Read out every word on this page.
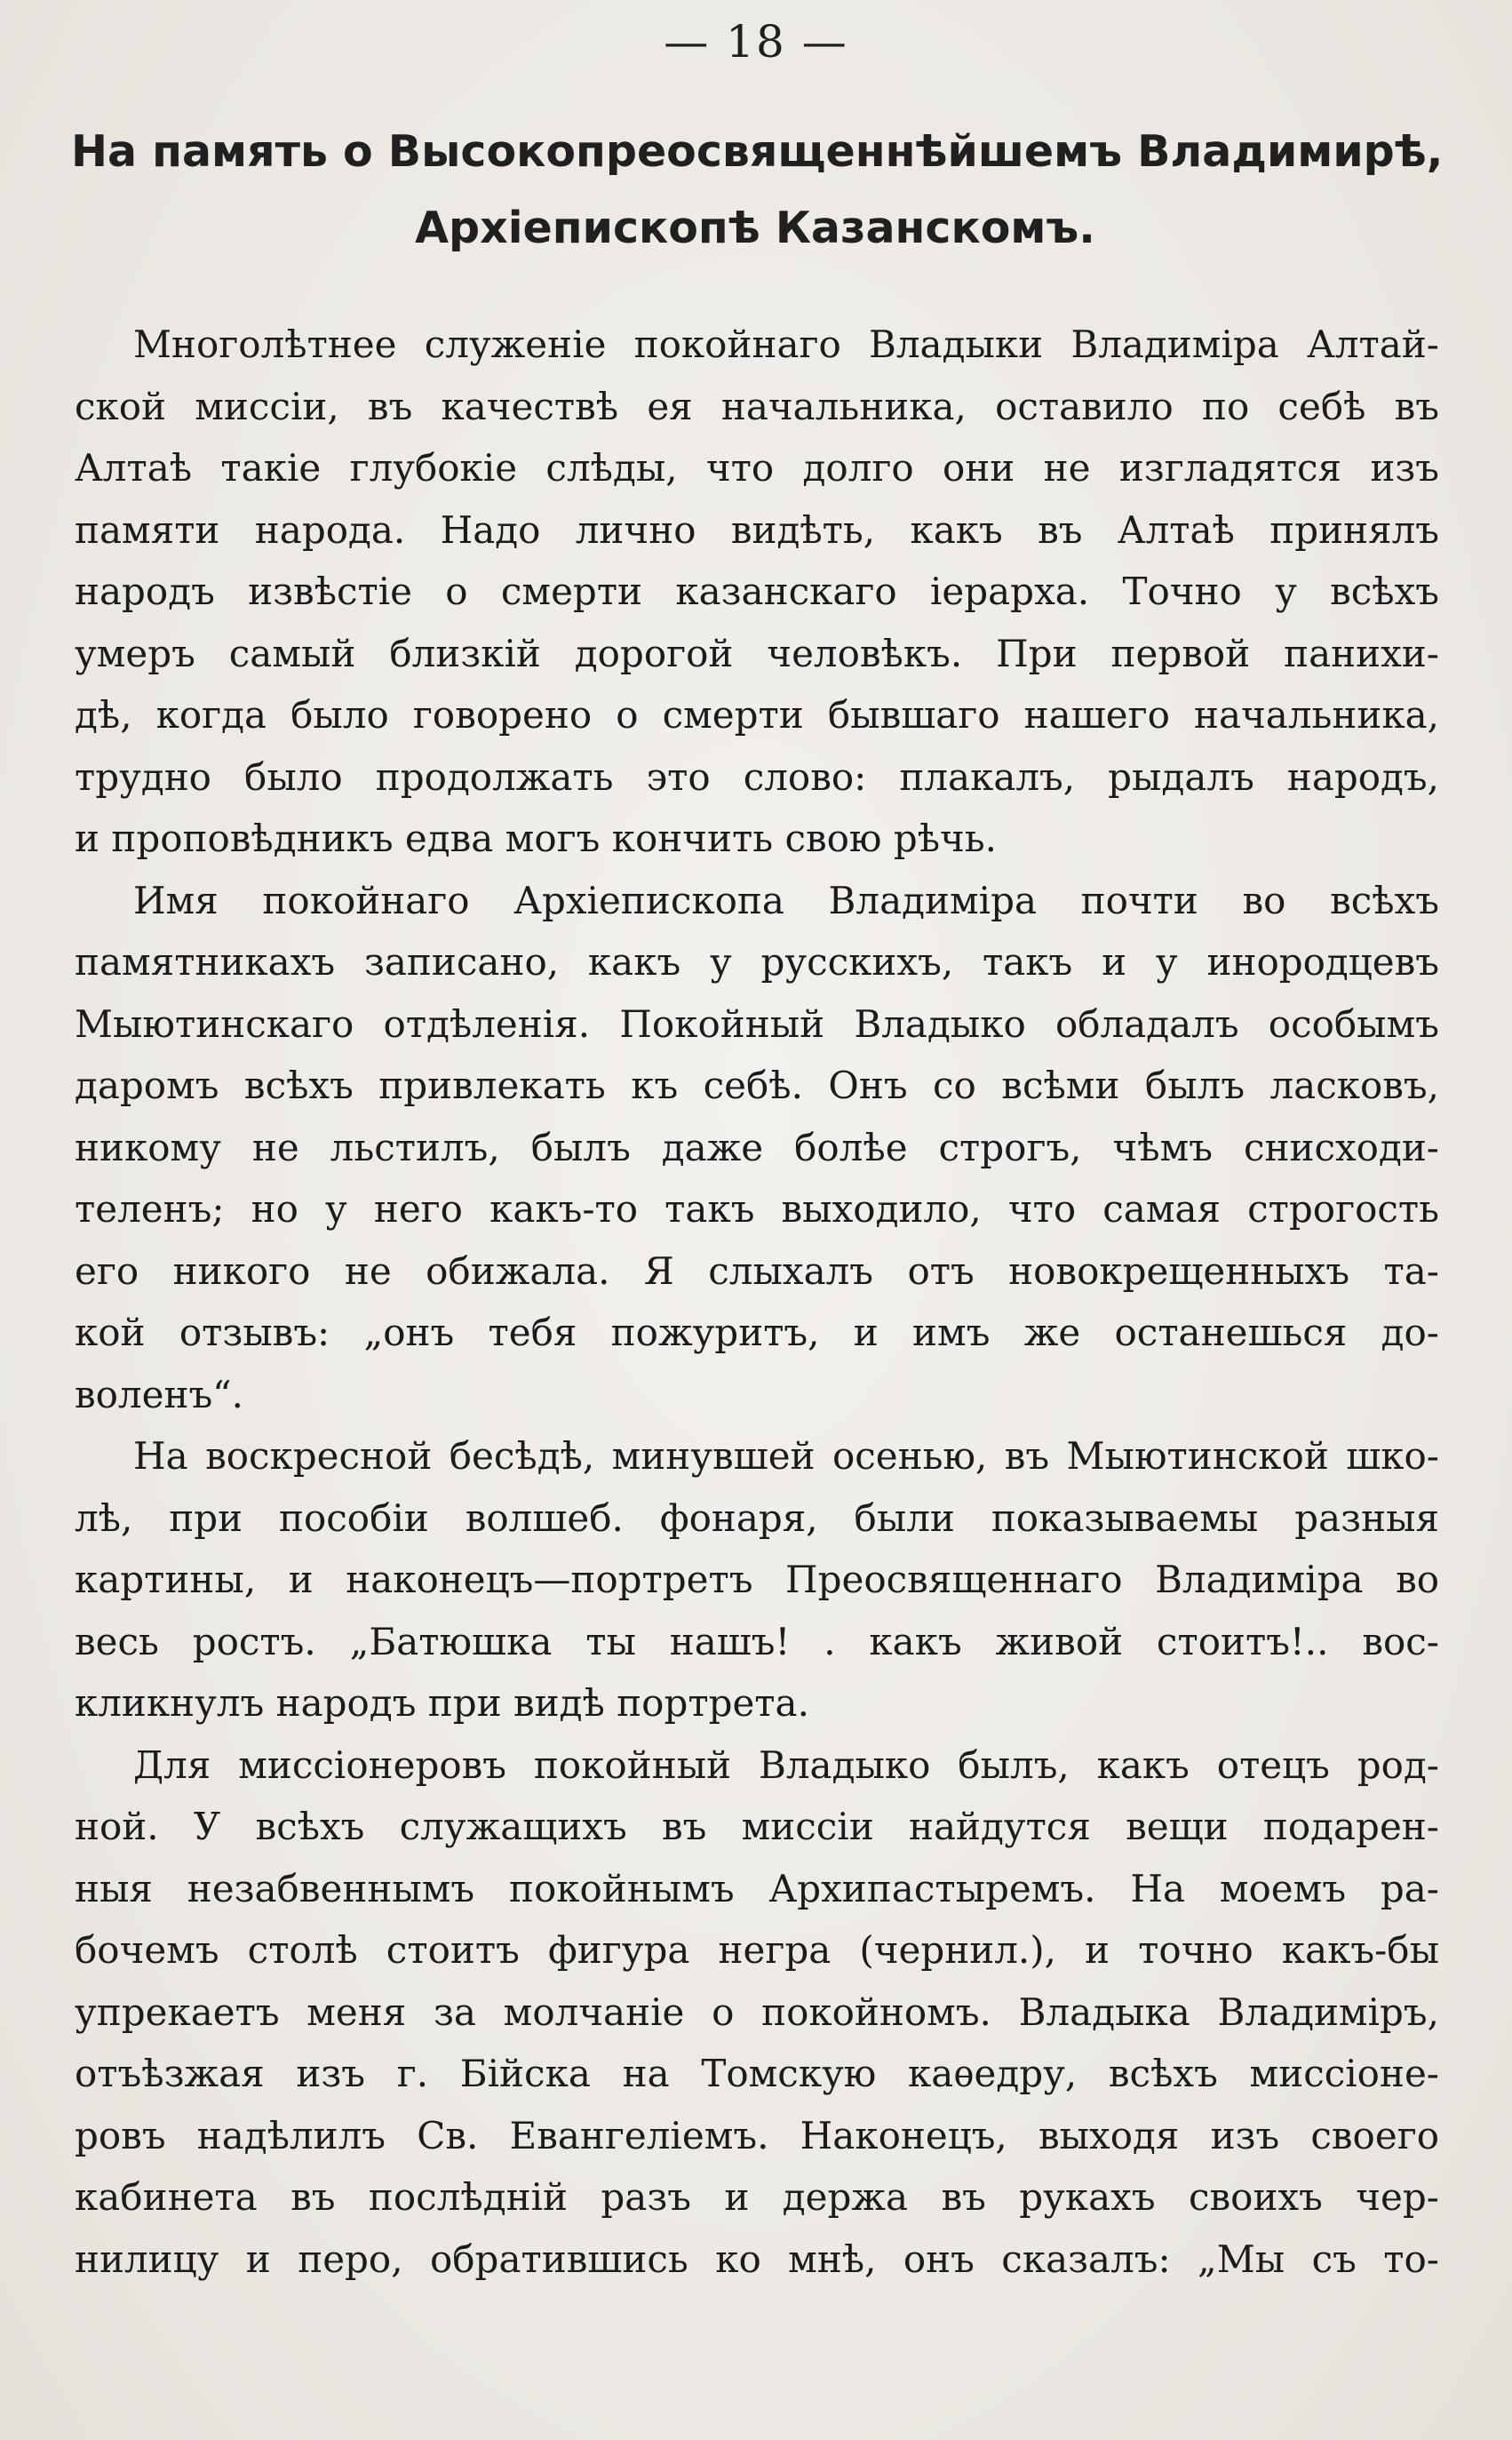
— 18 —
На память о Высокопреосвященнѣйшемъ Владимирѣ,
Архіепископѣ Казанскомъ.
Многолѣтнее служеніе покойнаго Владыки Владиміра Алтай-
ской миссіи, въ качествѣ ея начальника, оставило по себѣ въ
Алтаѣ такіе глубокіе слѣды, что долго они не изгладятся изъ
памяти народа. Надо лично видѣть, какъ въ Алтаѣ принялъ
народъ извѣстіе о смерти казанскаго іерарха. Точно у всѣхъ
умеръ самый близкій дорогой человѣкъ. При первой панихи-
дѣ, когда было говорено о смерти бывшаго нашего начальника,
трудно было продолжать это слово: плакалъ, рыдалъ народъ,
и проповѣдникъ едва могъ кончить свою рѣчь.
Имя покойнаго Архіепископа Владиміра почти во всѣхъ
памятникахъ записано, какъ у русскихъ, такъ и у инородцевъ
Мыютинскаго отдѣленія. Покойный Владыко обладалъ особымъ
даромъ всѣхъ привлекать къ себѣ. Онъ со всѣми былъ ласковъ,
никому не льстилъ, былъ даже болѣе строгъ, чѣмъ снисходи-
теленъ; но у него какъ-то такъ выходило, что самая строгость
его никого не обижала. Я слыхалъ отъ новокрещенныхъ та-
кой отзывъ: „онъ тебя пожуритъ, и имъ же останешься до-
воленъ“.
На воскресной бесѣдѣ, минувшей осенью, въ Мыютинской шко-
лѣ, при пособіи волшеб. фонаря, были показываемы разныя
картины, и наконецъ—портретъ Преосвященнаго Владиміра во
весь ростъ. „Батюшка ты нашъ! . какъ живой стоитъ!.. вос-
кликнулъ народъ при видѣ портрета.
Для миссіонеровъ покойный Владыко былъ, какъ отецъ род-
ной. У всѣхъ служащихъ въ миссіи найдутся вещи подарен-
ныя незабвеннымъ покойнымъ Архипастыремъ. На моемъ ра-
бочемъ столѣ стоитъ фигура негра (чернил.), и точно какъ-бы
упрекаетъ меня за молчаніе о покойномъ. Владыка Владиміръ,
отъѣзжая изъ г. Бійска на Томскую каѳедру, всѣхъ миссіоне-
ровъ надѣлилъ Св. Евангеліемъ. Наконецъ, выходя изъ своего
кабинета въ послѣдній разъ и держа въ рукахъ своихъ чер-
нилицу и перо, обратившись ко мнѣ, онъ сказалъ: „Мы съ то-
